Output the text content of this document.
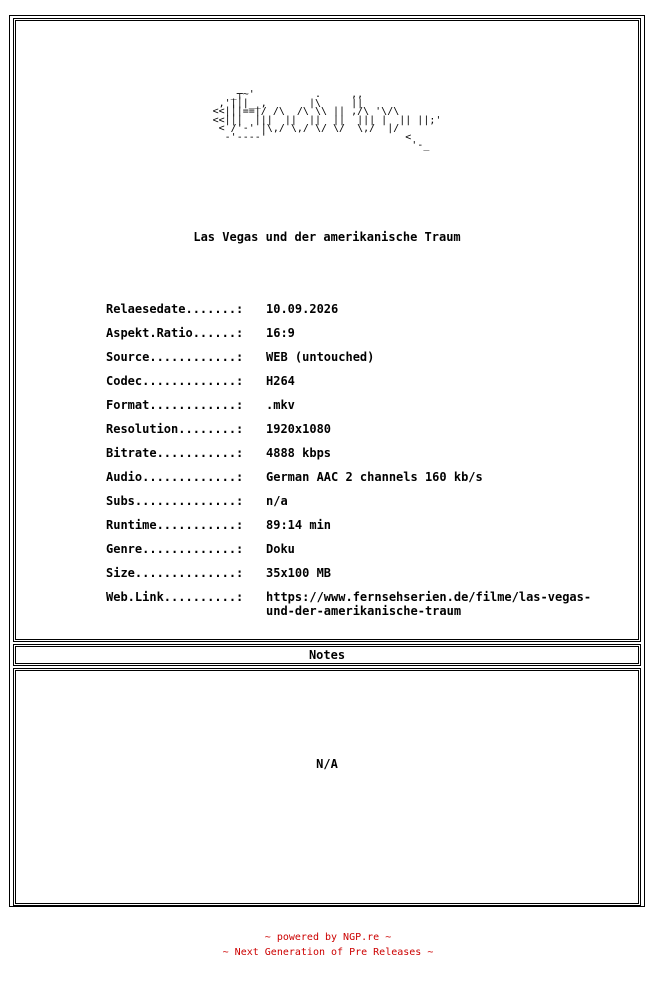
_┬~'          .     ,,
,'|│|__,       |\     ||
<<|│|==|/ /\  /\ \\ || ,/\ '\/\
<<|│|  |||  ||  ||  ||  ||| |  || ||;'
< /'-' |\,/ \,/ \/ \/  \,/  |/
-'----'                       <
'-_
Las Vegas und der amerikanische Traum
Relaesedate.......:	10.09.2026
Aspekt.Ratio......:	16:9
Source............:	WEB (untouched)
Codec.............:	H264
Format............:	.mkv
Resolution........:	1920x1080
Bitrate...........:	4888 kbps
Audio.............:	German AAC 2 channels 160 kb/s
Subs..............:	n/a
Runtime...........:	89:14 min
Genre.............:	Doku
Size..............:	35x100 MB
Web.Link..........:	https://www.fernsehserien.de/filme/las-vegas-und-der-amerikanische-traum
Notes
N/A
~ powered by NGP.re ~
~ Next Generation of Pre Releases ~
